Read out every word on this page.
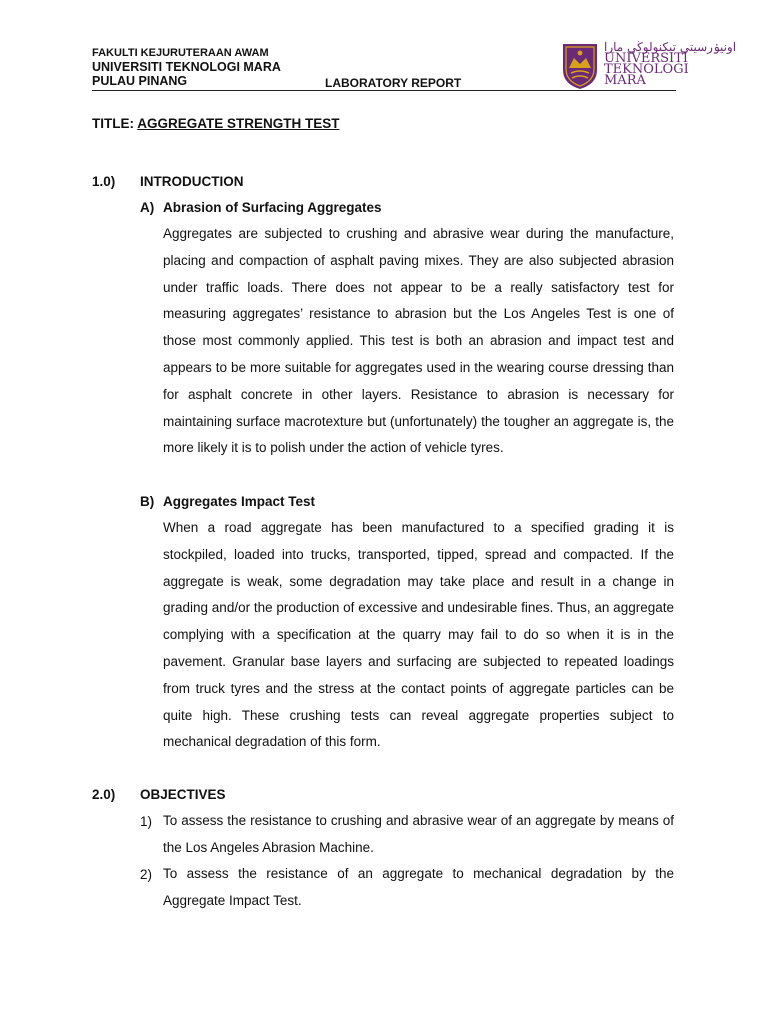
FAKULTI KEJURUTERAAN AWAM
UNIVERSITI TEKNOLOGI MARA
PULAU PINANG	LABORATORY REPORT
اونيۏرسيتي تيكنولوڬي مارا
UNIVERSITI
TEKNOLOGI
MARA
TITLE: AGGREGATE STRENGTH TEST
1.0) INTRODUCTION
A) Abrasion of Surfacing Aggregates
Aggregates are subjected to crushing and abrasive wear during the manufacture, placing and compaction of asphalt paving mixes. They are also subjected abrasion under traffic loads. There does not appear to be a really satisfactory test for measuring aggregates’ resistance to abrasion but the Los Angeles Test is one of those most commonly applied. This test is both an abrasion and impact test and appears to be more suitable for aggregates used in the wearing course dressing than for asphalt concrete in other layers. Resistance to abrasion is necessary for maintaining surface macrotexture but (unfortunately) the tougher an aggregate is, the more likely it is to polish under the action of vehicle tyres.
B) Aggregates Impact Test
When a road aggregate has been manufactured to a specified grading it is stockpiled, loaded into trucks, transported, tipped, spread and compacted. If the aggregate is weak, some degradation may take place and result in a change in grading and/or the production of excessive and undesirable fines. Thus, an aggregate complying with a specification at the quarry may fail to do so when it is in the pavement. Granular base layers and surfacing are subjected to repeated loadings from truck tyres and the stress at the contact points of aggregate particles can be quite high. These crushing tests can reveal aggregate properties subject to mechanical degradation of this form.
2.0) OBJECTIVES
1) To assess the resistance to crushing and abrasive wear of an aggregate by means of the Los Angeles Abrasion Machine.
2) To assess the resistance of an aggregate to mechanical degradation by the Aggregate Impact Test.
